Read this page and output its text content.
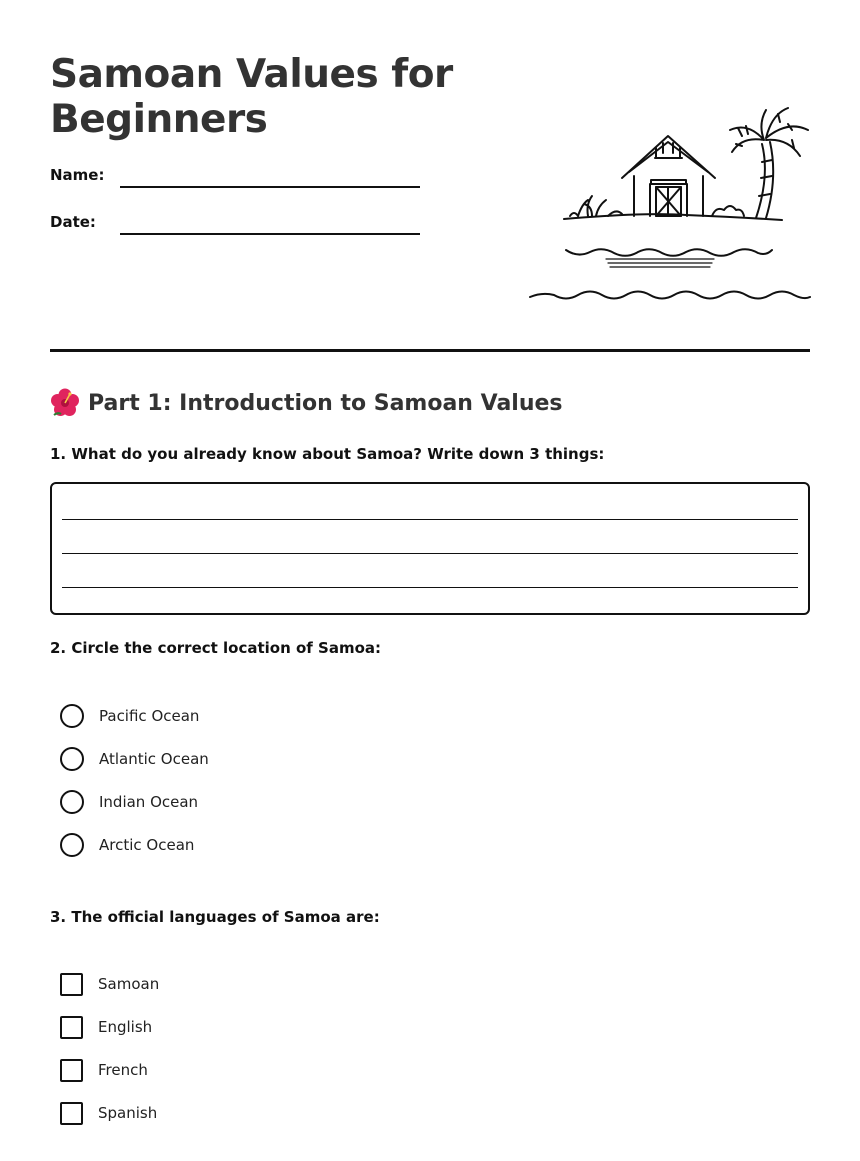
Samoan Values for Beginners
Name:
Date:
Part 1: Introduction to Samoan Values
1. What do you already know about Samoa? Write down 3 things:
2. Circle the correct location of Samoa:
Pacific Ocean
Atlantic Ocean
Indian Ocean
Arctic Ocean
3. The official languages of Samoa are:
Samoan
English
French
Spanish
